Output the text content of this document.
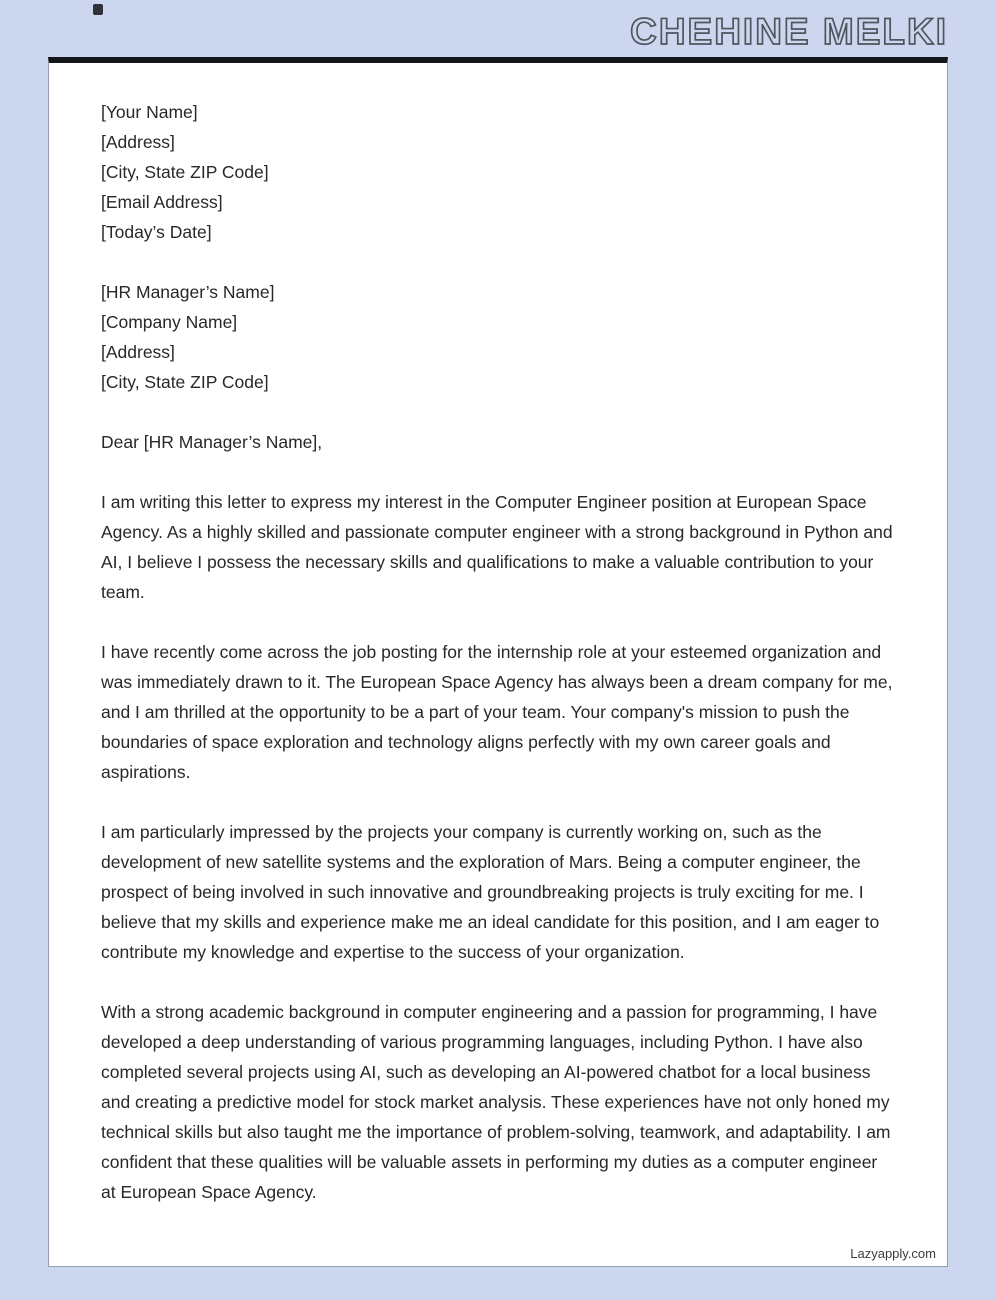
CHEHINE MELKI
[Your Name]
[Address]
[City, State ZIP Code]
[Email Address]
[Today’s Date]
[HR Manager’s Name]
[Company Name]
[Address]
[City, State ZIP Code]
Dear [HR Manager’s Name],

I am writing this letter to express my interest in the Computer Engineer position at European Space Agency. As a highly skilled and passionate computer engineer with a strong background in Python and AI, I believe I possess the necessary skills and qualifications to make a valuable contribution to your team.

I have recently come across the job posting for the internship role at your esteemed organization and was immediately drawn to it. The European Space Agency has always been a dream company for me, and I am thrilled at the opportunity to be a part of your team. Your company's mission to push the boundaries of space exploration and technology aligns perfectly with my own career goals and aspirations.

I am particularly impressed by the projects your company is currently working on, such as the development of new satellite systems and the exploration of Mars. Being a computer engineer, the prospect of being involved in such innovative and groundbreaking projects is truly exciting for me. I believe that my skills and experience make me an ideal candidate for this position, and I am eager to contribute my knowledge and expertise to the success of your organization.

With a strong academic background in computer engineering and a passion for programming, I have developed a deep understanding of various programming languages, including Python. I have also completed several projects using AI, such as developing an AI-powered chatbot for a local business and creating a predictive model for stock market analysis. These experiences have not only honed my technical skills but also taught me the importance of problem-solving, teamwork, and adaptability. I am confident that these qualities will be valuable assets in performing my duties as a computer engineer at European Space Agency.

Lazyapply.com
